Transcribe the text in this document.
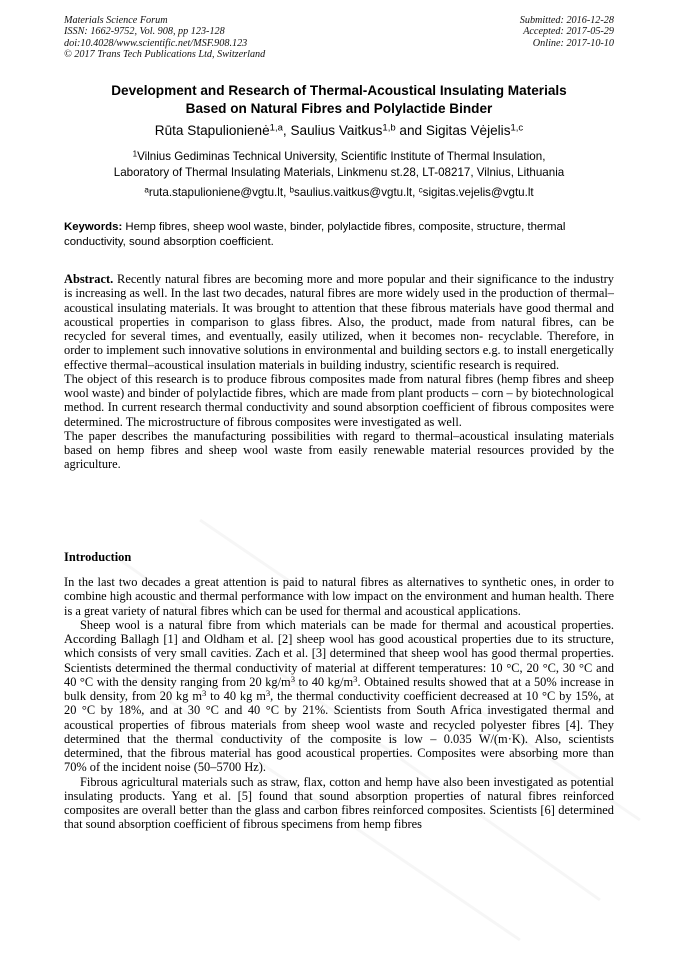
Materials Science Forum
ISSN: 1662-9752, Vol. 908, pp 123-128
doi:10.4028/www.scientific.net/MSF.908.123
© 2017 Trans Tech Publications Ltd, Switzerland
Submitted: 2016-12-28
Accepted: 2017-05-29
Online: 2017-10-10
Development and Research of Thermal-Acoustical Insulating Materials
Based on Natural Fibres and Polylactide Binder
Rūta Stapulionienė$^{1,a}$, Saulius Vaitkus$^{1,b}$ and Sigitas Vėjelis$^{1,c}$
$^1$Vilnius Gediminas Technical University, Scientific Institute of Thermal Insulation,
Laboratory of Thermal Insulating Materials, Linkmenu st.28, LT-08217, Vilnius, Lithuania
$^a$ruta.stapulioniene@vgtu.lt, $^b$saulius.vaitkus@vgtu.lt, $^c$sigitas.vejelis@vgtu.lt
Keywords: Hemp fibres, sheep wool waste, binder, polylactide fibres, composite, structure, thermal conductivity, sound absorption coefficient.

Abstract. Recently natural fibres are becoming more and more popular and their significance to the industry is increasing as well. In the last two decades, natural fibres are more widely used in the production of thermal–acoustical insulating materials. It was brought to attention that these fibrous materials have good thermal and acoustical properties in comparison to glass fibres. Also, the product, made from natural fibres, can be recycled for several times, and eventually, easily utilized, when it becomes non- recyclable. Therefore, in order to implement such innovative solutions in environmental and building sectors e.g. to install energetically effective thermal–acoustical insulation materials in building industry, scientific research is required.

The object of this research is to produce fibrous composites made from natural fibres (hemp fibres and sheep wool waste) and binder of polylactide fibres, which are made from plant products – corn – by biotechnological method. In current research thermal conductivity and sound absorption coefficient of fibrous composites were determined. The microstructure of fibrous composites were investigated as well.

The paper describes the manufacturing possibilities with regard to thermal–acoustical insulating materials based on hemp fibres and sheep wool waste from easily renewable material resources provided by the agriculture.

Introduction

In the last two decades a great attention is paid to natural fibres as alternatives to synthetic ones, in order to combine high acoustic and thermal performance with low impact on the environment and human health. There is a great variety of natural fibres which can be used for thermal and acoustical applications.

Sheep wool is a natural fibre from which materials can be made for thermal and acoustical properties. According Ballagh [1] and Oldham et al. [2] sheep wool has good acoustical properties due to its structure, which consists of very small cavities. Zach et al. [3] determined that sheep wool has good thermal properties. Scientists determined the thermal conductivity of material at different temperatures: 10 °C, 20 °C, 30 °C and 40 °C with the density ranging from 20 $kg/m^3$ to 40 $kg/m^3$. Obtained results showed that at a 50% increase in bulk density, from 20 kg $m^3$ to 40 kg $m^3$, the thermal conductivity coefficient decreased at 10 °C by 15%, at 20 °C by 18%, and at 30 °C and 40 °C by 21%. Scientists from South Africa investigated thermal and acoustical properties of fibrous materials from sheep wool waste and recycled polyester fibres [4]. They determined that the thermal conductivity of the composite is low – 0.035 W/(m·K). Also, scientists determined, that the fibrous material has good acoustical properties. Composites were absorbing more than 70% of the incident noise (50–5700 Hz).

Fibrous agricultural materials such as straw, flax, cotton and hemp have also been investigated as potential insulating products. Yang et al. [5] found that sound absorption properties of natural fibres reinforced composites are overall better than the glass and carbon fibres reinforced composites. Scientists [6] determined that sound absorption coefficient of fibrous specimens from hemp fibres
